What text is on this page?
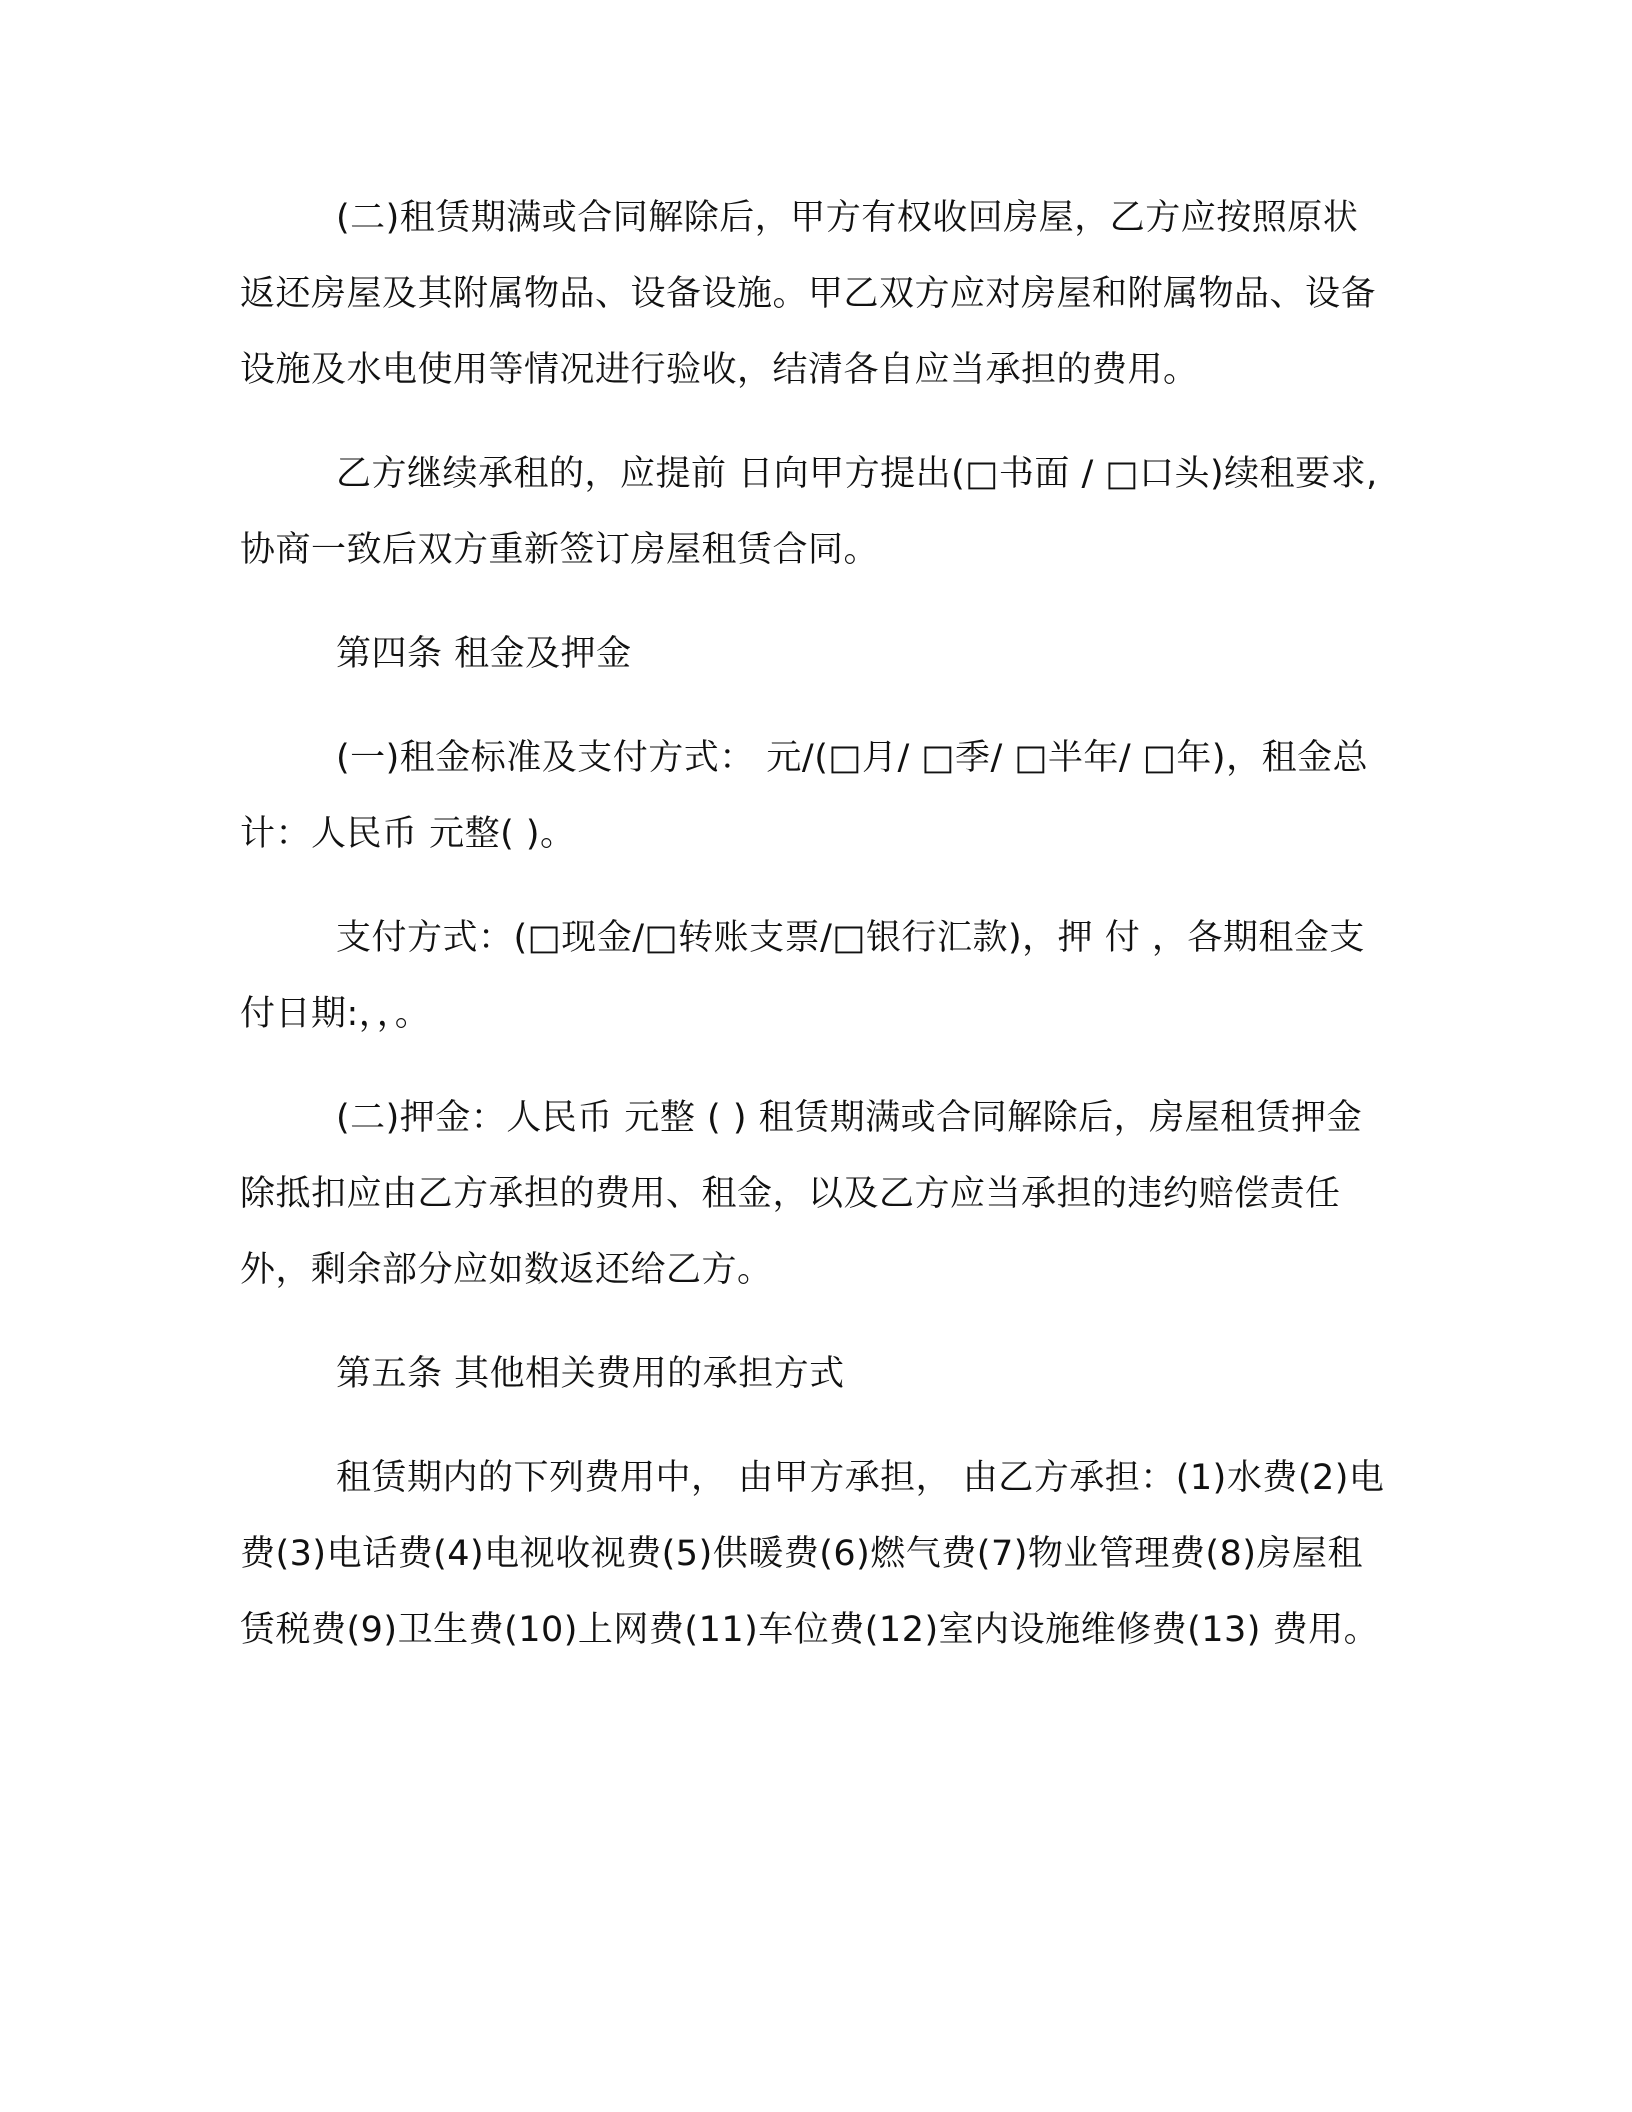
(二)租赁期满或合同解除后，甲方有权收回房屋，乙方应按照原状返还房屋及其附属物品、设备设施。甲乙双方应对房屋和附属物品、设备设施及水电使用等情况进行验收，结清各自应当承担的费用。

乙方继续承租的，应提前 日向甲方提出(□书面 / □口头)续租要求,协商一致后双方重新签订房屋租赁合同。

第四条 租金及押金

(一)租金标准及支付方式： 元/(□月/ □季/ □半年/ □年)，租金总计：人民币 元整( )。

支付方式：(□现金/□转账支票/□银行汇款)，押 付 ，各期租金支付日期:，，。

(二)押金：人民币 元整 ( ) 租赁期满或合同解除后，房屋租赁押金除抵扣应由乙方承担的费用、租金，以及乙方应当承担的违约赔偿责任外，剩余部分应如数返还给乙方。

第五条 其他相关费用的承担方式

租赁期内的下列费用中， 由甲方承担， 由乙方承担：(1)水费(2)电费(3)电话费(4)电视收视费(5)供暖费(6)燃气费(7)物业管理费(8)房屋租赁税费(9)卫生费(10)上网费(11)车位费(12)室内设施维修费(13) 费用。
